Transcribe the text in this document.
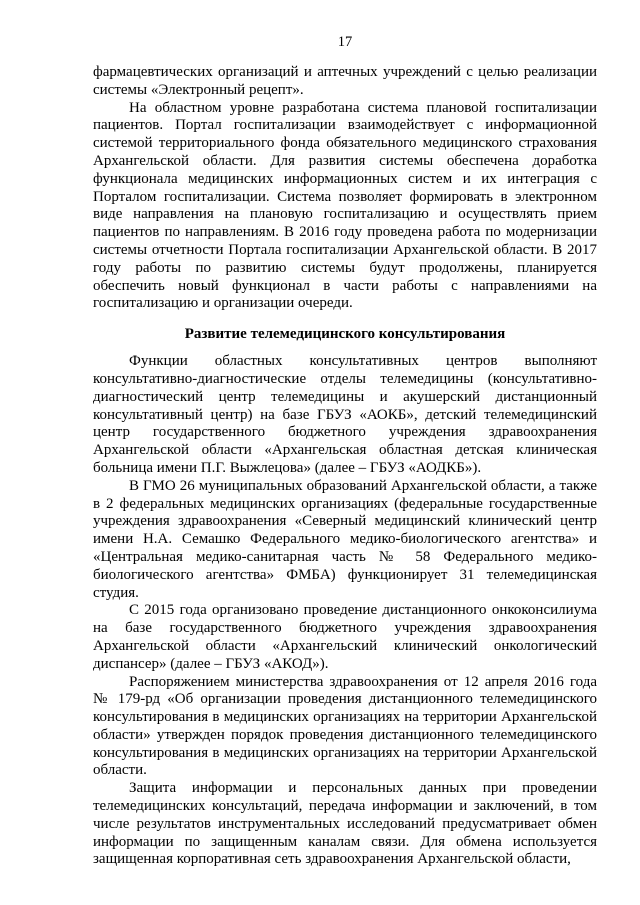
17

фармацевтических организаций и аптечных учреждений с целью реализации системы «Электронный рецепт».

На областном уровне разработана система плановой госпитализации пациентов. Портал госпитализации взаимодействует с информационной системой территориального фонда обязательного медицинского страхования Архангельской области. Для развития системы обеспечена доработка функционала медицинских информационных систем и их интеграция с Порталом госпитализации. Система позволяет формировать в электронном виде направления на плановую госпитализацию и осуществлять прием пациентов по направлениям. В 2016 году проведена работа по модернизации системы отчетности Портала госпитализации Архангельской области. В 2017 году работы по развитию системы будут продолжены, планируется обеспечить новый функционал в части работы с направлениями на госпитализацию и организации очереди.

Развитие телемедицинского консультирования

Функции областных консультативных центров выполняют консультативно-диагностические отделы телемедицины (консультативно-диагностический центр телемедицины и акушерский дистанционный консультативный центр) на базе ГБУЗ «АОКБ», детский телемедицинский центр государственного бюджетного учреждения здравоохранения Архангельской области «Архангельская областная детская клиническая больница имени П.Г. Выжлецова» (далее – ГБУЗ «АОДКБ»).

В ГМО 26 муниципальных образований Архангельской области, а также в 2 федеральных медицинских организациях (федеральные государственные учреждения здравоохранения «Северный медицинский клинический центр имени Н.А. Семашко Федерального медико-биологического агентства» и «Центральная медико-санитарная часть № 58 Федерального медико-биологического агентства» ФМБА) функционирует 31 телемедицинская студия.

С 2015 года организовано проведение дистанционного онкоконсилиума на базе государственного бюджетного учреждения здравоохранения Архангельской области «Архангельский клинический онкологический диспансер» (далее – ГБУЗ «АКОД»).

Распоряжением министерства здравоохранения от 12 апреля 2016 года № 179-рд «Об организации проведения дистанционного телемедицинского консультирования в медицинских организациях на территории Архангельской области» утвержден порядок проведения дистанционного телемедицинского консультирования в медицинских организациях на территории Архангельской области.

Защита информации и персональных данных при проведении телемедицинских консультаций, передача информации и заключений, в том числе результатов инструментальных исследований предусматривает обмен информации по защищенным каналам связи. Для обмена используется защищенная корпоративная сеть здравоохранения Архангельской области,
